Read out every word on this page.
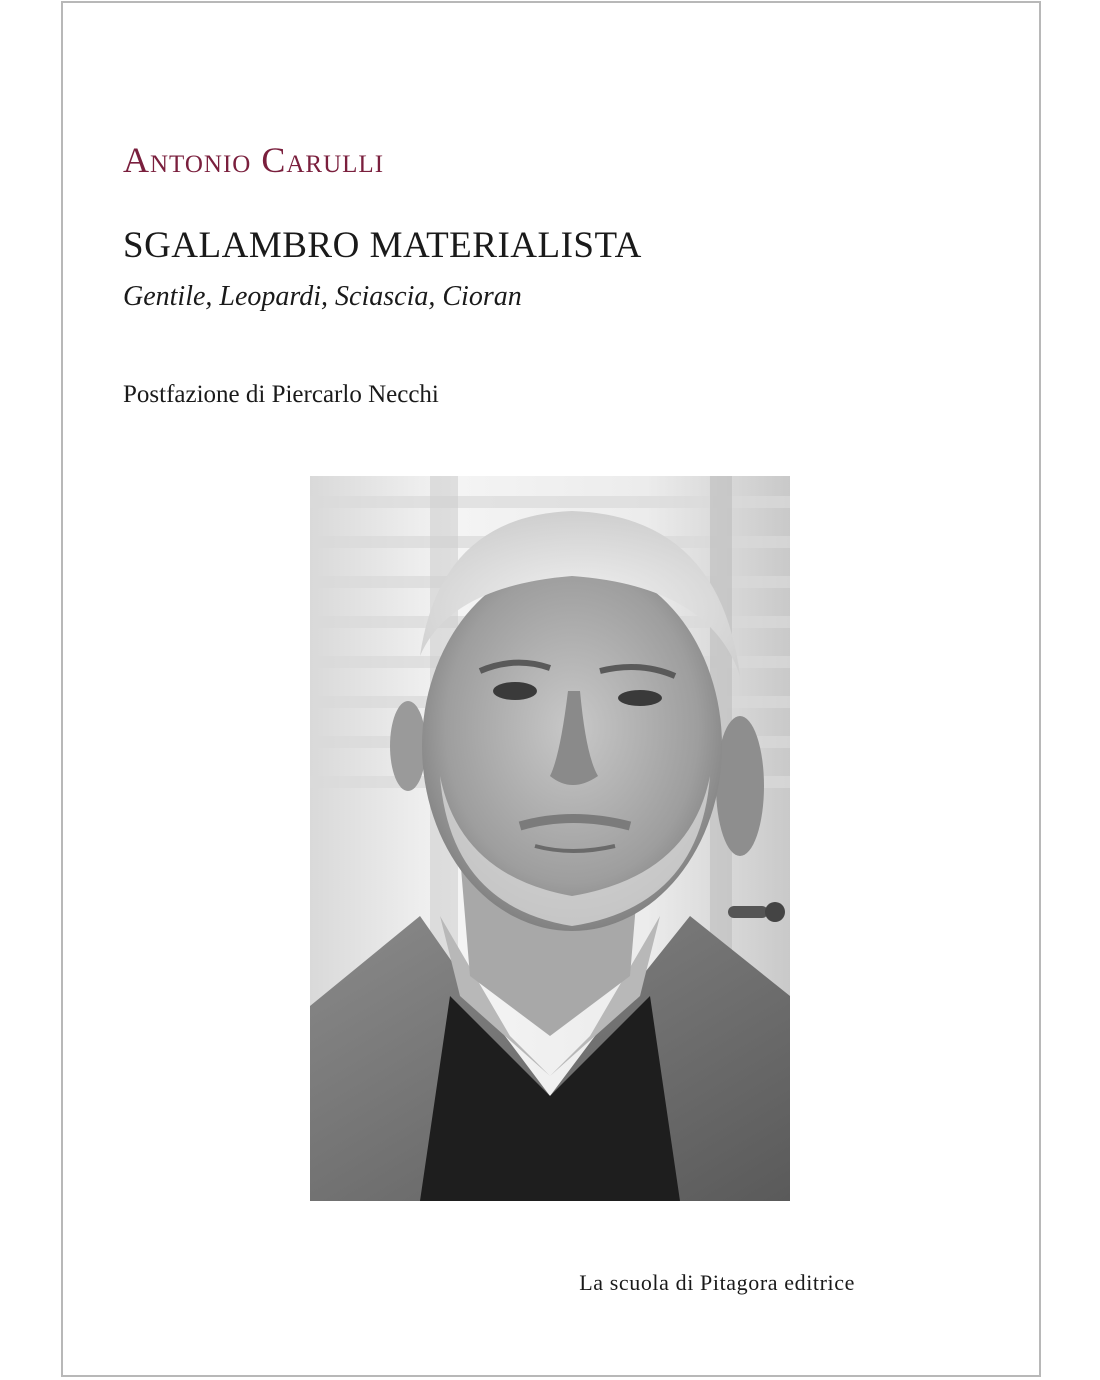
Antonio Carulli
SGALAMBRO MATERIALISTA
Gentile, Leopardi, Sciascia, Cioran
Postfazione di Piercarlo Necchi
La scuola di Pitagora editrice
